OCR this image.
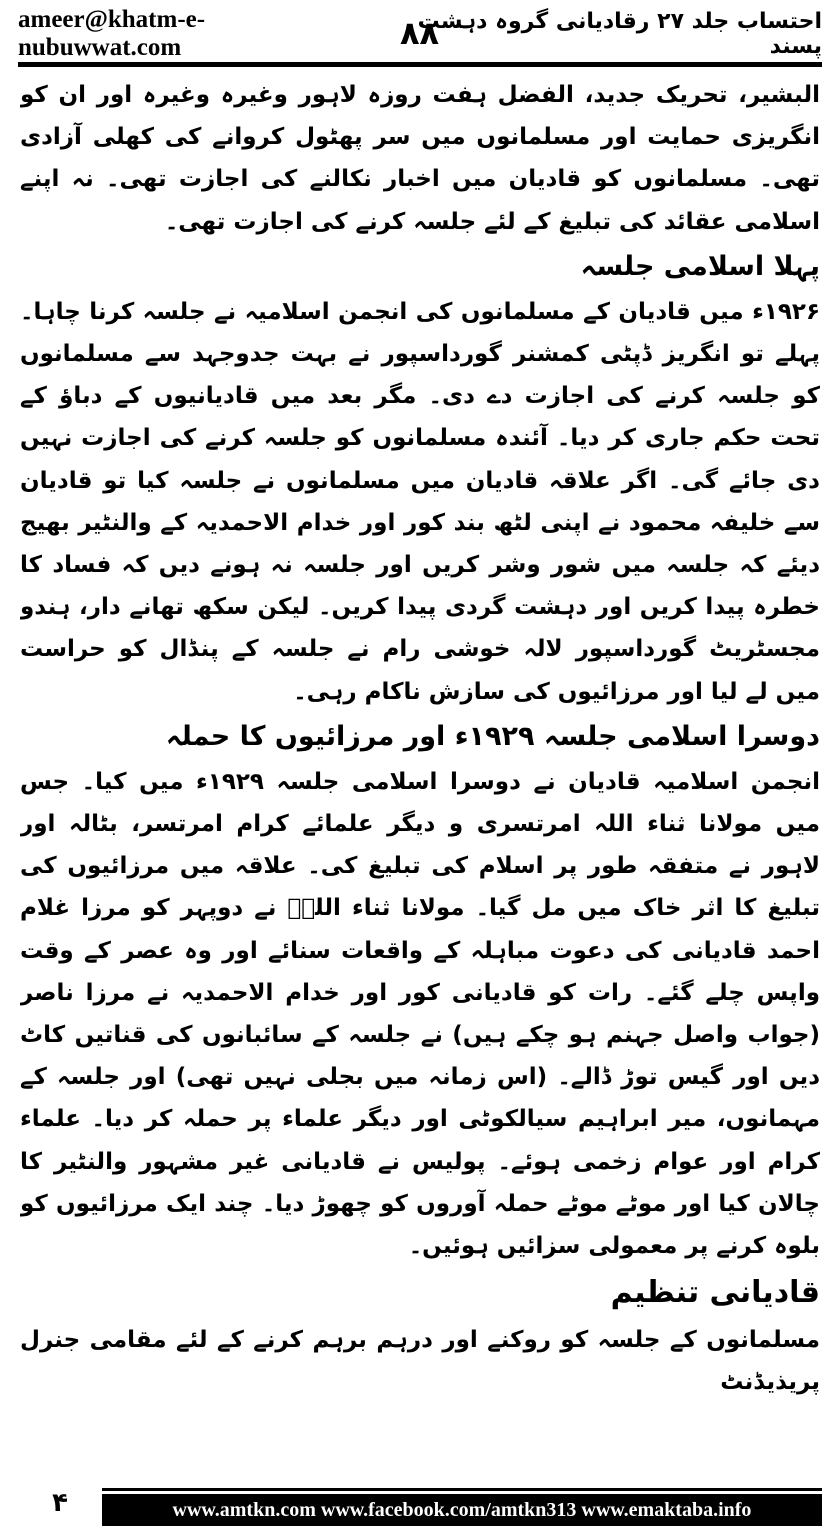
ameer@khatm-e-nubuwwat.com	۸۸
احتساب جلد ۲۷ رقادیانی گروہ دہشت پسند

البشیر، تحریک جدید، الفضل ہفت روزہ لاہور وغیرہ وغیرہ اور ان کو انگریزی حمایت اور مسلمانوں میں سر پھٹول کروانے کی کھلی آزادی تھی۔ مسلمانوں کو قادیان میں اخبار نکالنے کی اجازت تھی۔ نہ اپنے اسلامی عقائد کی تبلیغ کے لئے جلسہ کرنے کی اجازت تھی۔

پہلا اسلامی جلسہ

۱۹۲۶ء میں قادیان کے مسلمانوں کی انجمن اسلامیہ نے جلسہ کرنا چاہا۔ پہلے تو انگریز ڈپٹی کمشنر گورداسپور نے بہت جدوجہد سے مسلمانوں کو جلسہ کرنے کی اجازت دے دی۔ مگر بعد میں قادیانیوں کے دباؤ کے تحت حکم جاری کر دیا۔ آئندہ مسلمانوں کو جلسہ کرنے کی اجازت نہیں دی جائے گی۔ اگر علاقہ قادیان میں مسلمانوں نے جلسہ کیا تو قادیان سے خلیفہ محمود نے اپنی لٹھ بند کور اور خدام الاحمدیہ کے والنٹیر بھیج دیئے کہ جلسہ میں شور وشر کریں اور جلسہ نہ ہونے دیں کہ فساد کا خطرہ پیدا کریں اور دہشت گردی پیدا کریں۔ لیکن سکھ تھانے دار، ہندو مجسٹریٹ گورداسپور لالہ خوشی رام نے جلسہ کے پنڈال کو حراست میں لے لیا اور مرزائیوں کی سازش ناکام رہی۔

دوسرا اسلامی جلسہ ۱۹۲۹ء اور مرزائیوں کا حملہ

انجمن اسلامیہ قادیان نے دوسرا اسلامی جلسہ ۱۹۲۹ء میں کیا۔ جس میں مولانا ثناء اللہ امرتسری و دیگر علمائے کرام امرتسر، بٹالہ اور لاہور نے متفقہ طور پر اسلام کی تبلیغ کی۔ علاقہ میں مرزائیوں کی تبلیغ کا اثر خاک میں مل گیا۔ مولانا ثناء اللہؒ نے دوپہر کو مرزا غلام احمد قادیانی کی دعوت مباہلہ کے واقعات سنائے اور وہ عصر کے وقت واپس چلے گئے۔ رات کو قادیانی کور اور خدام الاحمدیہ نے مرزا ناصر (جواب واصل جہنم ہو چکے ہیں) نے جلسہ کے سائبانوں کی قناتیں کاٹ دیں اور گیس توڑ ڈالے۔ (اس زمانہ میں بجلی نہیں تھی) اور جلسہ کے مہمانوں، میر ابراہیم سیالکوٹی اور دیگر علماء پر حملہ کر دیا۔ علماء کرام اور عوام زخمی ہوئے۔ پولیس نے قادیانی غیر مشہور والنٹیر کا چالان کیا اور موٹے موٹے حملہ آوروں کو چھوڑ دیا۔ چند ایک مرزائیوں کو بلوہ کرنے پر معمولی سزائیں ہوئیں۔

قادیانی تنظیم

مسلمانوں کے جلسہ کو روکنے اور درہم برہم کرنے کے لئے مقامی جنرل پریذیڈنٹ

۴	www.amtkn.com www.facebook.com/amtkn313 www.emaktaba.info
